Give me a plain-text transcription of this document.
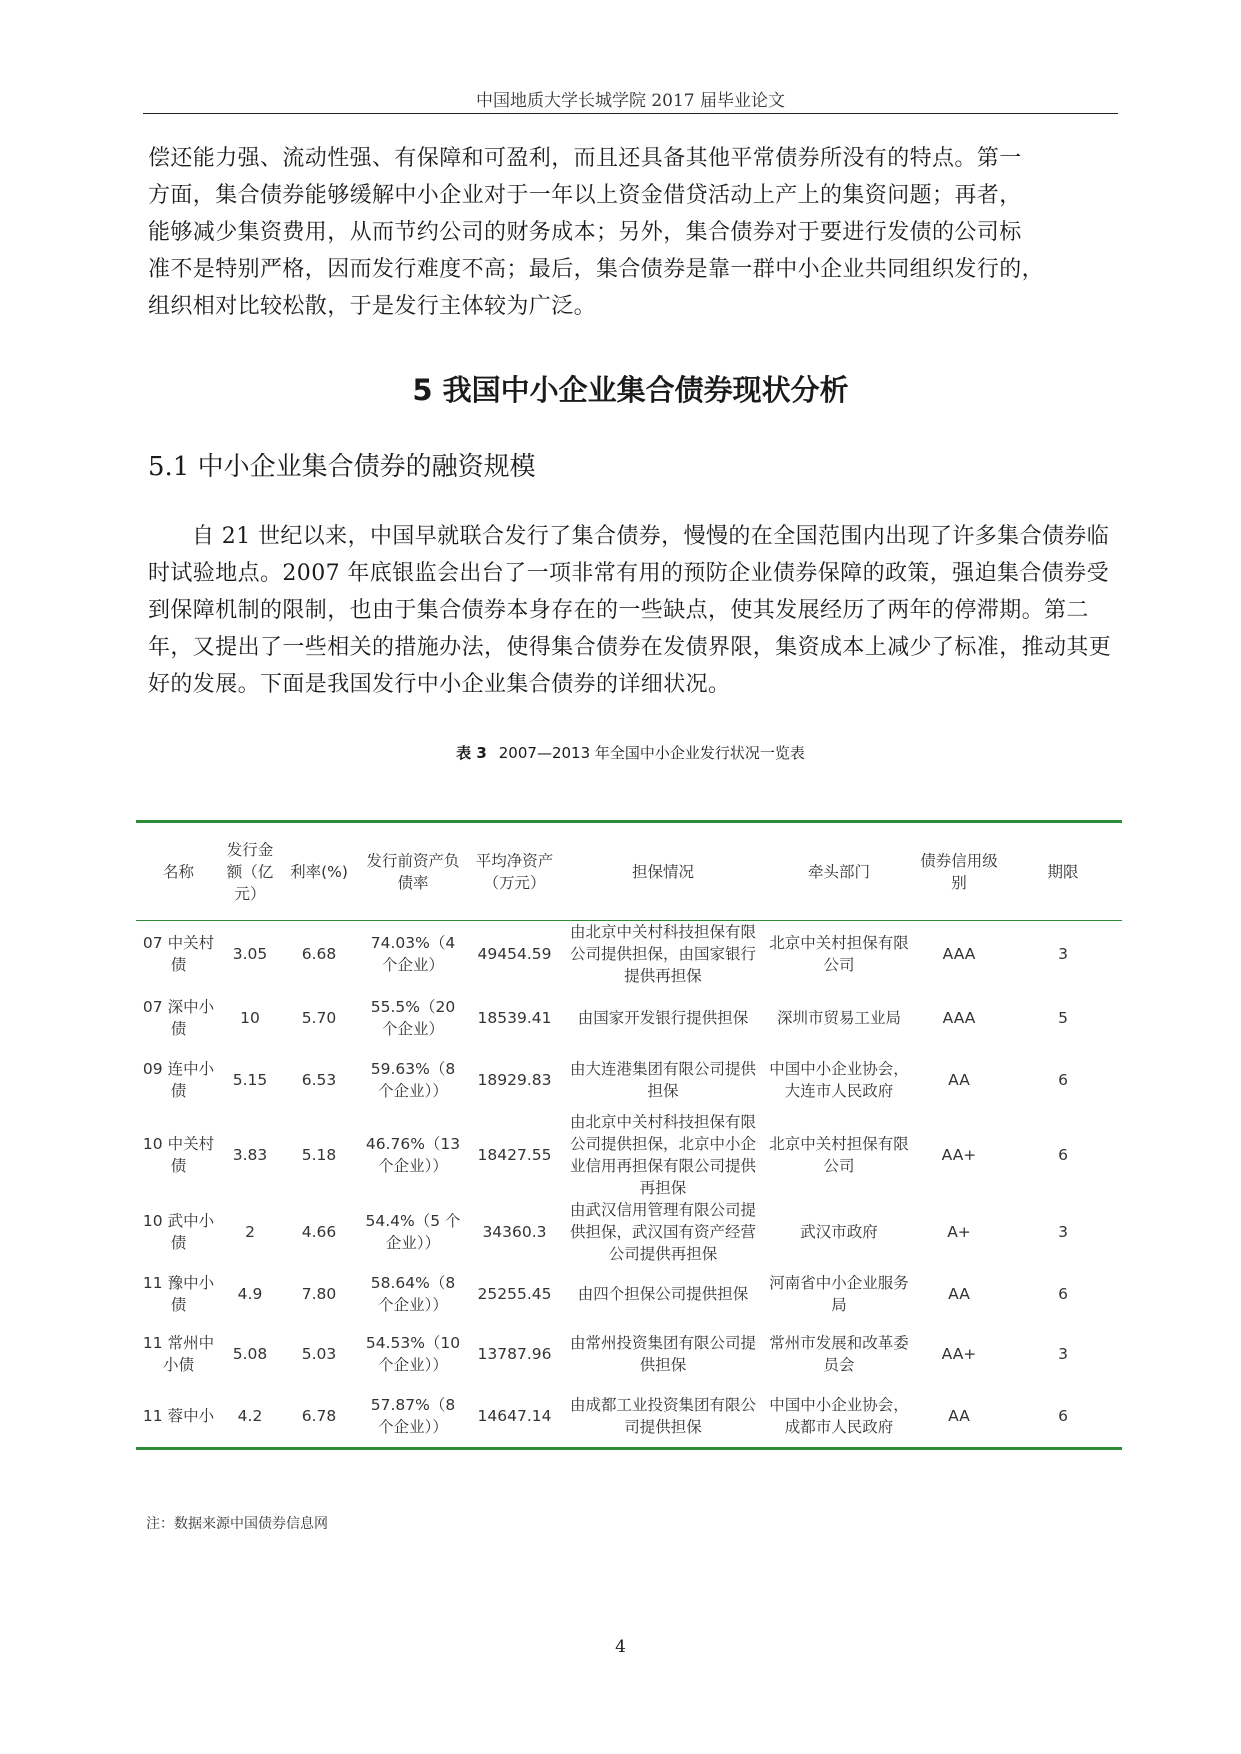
中国地质大学长城学院 2017 届毕业论文

偿还能力强、流动性强、有保障和可盈利，而且还具备其他平常债券所没有的特点。第一

方面，集合债券能够缓解中小企业对于一年以上资金借贷活动上产上的集资问题；再者，

能够减少集资费用，从而节约公司的财务成本；另外，集合债券对于要进行发债的公司标

准不是特别严格，因而发行难度不高；最后，集合债券是靠一群中小企业共同组织发行的，

组织相对比较松散，于是发行主体较为广泛。

5 我国中小企业集合债券现状分析
5.1 中小企业集合债券的融资规模

自 21 世纪以来，中国早就联合发行了集合债券，慢慢的在全国范围内出现了许多集合债券临时试验地点。2007 年底银监会出台了一项非常有用的预防企业债券保障的政策，强迫集合债券受到保障机制的限制，也由于集合债券本身存在的一些缺点，使其发展经历了两年的停滞期。第二年，又提出了一些相关的措施办法，使得集合债券在发债界限，集资成本上减少了标准，推动其更好的发展。下面是我国发行中小企业集合债券的详细状况。

表 3 2007—2013 年全国中小企业发行状况一览表
名称	发行金额（亿元）	利率(%)	发行前资产负债率	平均净资产（万元）	担保情况	牵头部门	债券信用级别	期限
07 中关村债	3.05	6.68	74.03%（4 个企业）	49454.59	由北京中关村科技担保有限公司提供担保，由国家银行提供再担保	北京中关村担保有限公司	AAA	3
07 深中小债	10	5.70	55.5%（20 个企业）	18539.41	由国家开发银行提供担保	深圳市贸易工业局	AAA	5
09 连中小债	5.15	6.53	59.63%（8 个企业））	18929.83	由大连港集团有限公司提供担保	中国中小企业协会，大连市人民政府	AA	6
10 中关村债	3.83	5.18	46.76%（13 个企业））	18427.55	由北京中关村科技担保有限公司提供担保，北京中小企业信用再担保有限公司提供再担保	北京中关村担保有限公司	AA+	6
10 武中小债	2	4.66	54.4%（5 个企业））	34360.3	由武汉信用管理有限公司提供担保，武汉国有资产经营公司提供再担保	武汉市政府	A+	3
11 豫中小债	4.9	7.80	58.64%（8 个企业））	25255.45	由四个担保公司提供担保	河南省中小企业服务局	AA	6
11 常州中小债	5.08	5.03	54.53%（10 个企业））	13787.96	由常州投资集团有限公司提供担保	常州市发展和改革委员会	AA+	3
11 蓉中小	4.2	6.78	57.87%（8 个企业））	14647.14	由成都工业投资集团有限公司提供担保	中国中小企业协会，成都市人民政府	AA	6
注：数据来源中国债券信息网
4
